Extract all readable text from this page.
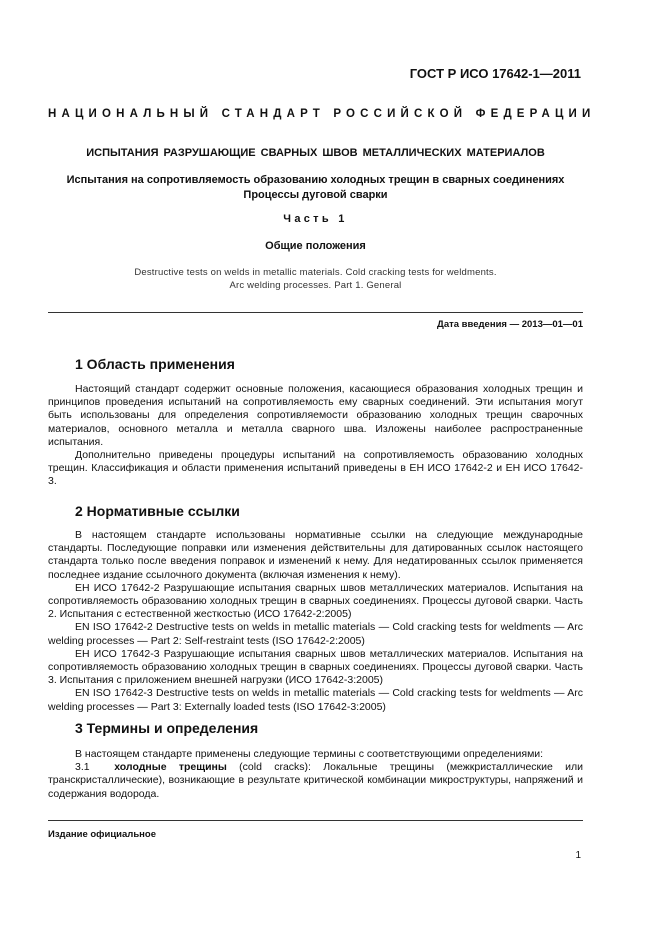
ГОСТ Р ИСО 17642-1—2011
НАЦИОНАЛЬНЫЙ СТАНДАРТ РОССИЙСКОЙ ФЕДЕРАЦИИ
ИСПЫТАНИЯ РАЗРУШАЮЩИЕ СВАРНЫХ ШВОВ МЕТАЛЛИЧЕСКИХ МАТЕРИАЛОВ
Испытания на сопротивляемость образованию холодных трещин в сварных соединениях
Процессы дуговой сварки
Часть 1
Общие положения
Destructive tests on welds in metallic materials. Cold cracking tests for weldments.
Arc welding processes. Part 1. General
Дата введения — 2013—01—01
1 Область применения

Настоящий стандарт содержит основные положения, касающиеся образования холодных трещин и принципов проведения испытаний на сопротивляемость ему сварных соединений. Эти испытания могут быть использованы для определения сопротивляемости образованию холодных трещин сварочных материалов, основного металла и металла сварного шва. Изложены наиболее распространенные испытания.

Дополнительно приведены процедуры испытаний на сопротивляемость образованию холодных трещин. Классификация и области применения испытаний приведены в ЕН ИСО 17642-2 и ЕН ИСО 17642-3.

2 Нормативные ссылки

В настоящем стандарте использованы нормативные ссылки на следующие международные стандарты. Последующие поправки или изменения действительны для датированных ссылок настоящего стандарта только после введения поправок и изменений к нему. Для недатированных ссылок применяется последнее издание ссылочного документа (включая изменения к нему).

ЕН ИСО 17642-2 Разрушающие испытания сварных швов металлических материалов. Испытания на сопротивляемость образованию холодных трещин в сварных соединениях. Процессы дуговой сварки. Часть 2. Испытания с естественной жесткостью (ИСО 17642-2:2005)

EN ISO 17642-2 Destructive tests on welds in metallic materials — Cold cracking tests for weldments — Arc welding processes — Part 2: Self-restraint tests (ISO 17642-2:2005)

ЕН ИСО 17642-3 Разрушающие испытания сварных швов металлических материалов. Испытания на сопротивляемость образованию холодных трещин в сварных соединениях. Процессы дуговой сварки. Часть 3. Испытания с приложением внешней нагрузки (ИСО 17642-3:2005)

EN ISO 17642-3 Destructive tests on welds in metallic materials — Cold cracking tests for weldments — Arc welding processes — Part 3: Externally loaded tests (ISO 17642-3:2005)

3 Термины и определения

В настоящем стандарте применены следующие термины с соответствующими определениями:

3.1 холодные трещины (cold cracks): Локальные трещины (межкристаллические или транскристаллические), возникающие в результате критической комбинации микроструктуры, напряжений и содержания водорода.

Издание официальное
1
